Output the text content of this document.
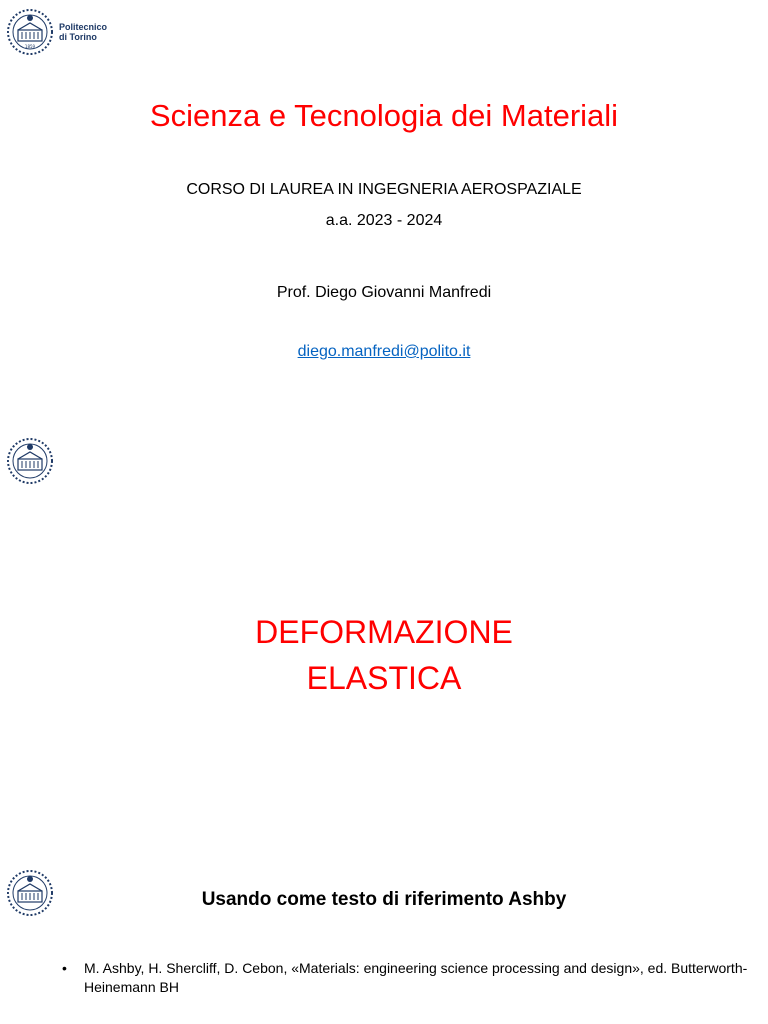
1859
Politecnico
di Torino
Scienza e Tecnologia dei Materiali
CORSO DI LAUREA IN INGEGNERIA AEROSPAZIALE
a.a. 2023 - 2024
Prof. Diego Giovanni Manfredi
diego.manfredi@polito.it
DEFORMAZIONE
ELASTICA
Usando come testo di riferimento Ashby
• M. Ashby, H. Shercliff, D. Cebon, «Materials: engineering science processing and design», ed. Butterworth-Heinemann BH
